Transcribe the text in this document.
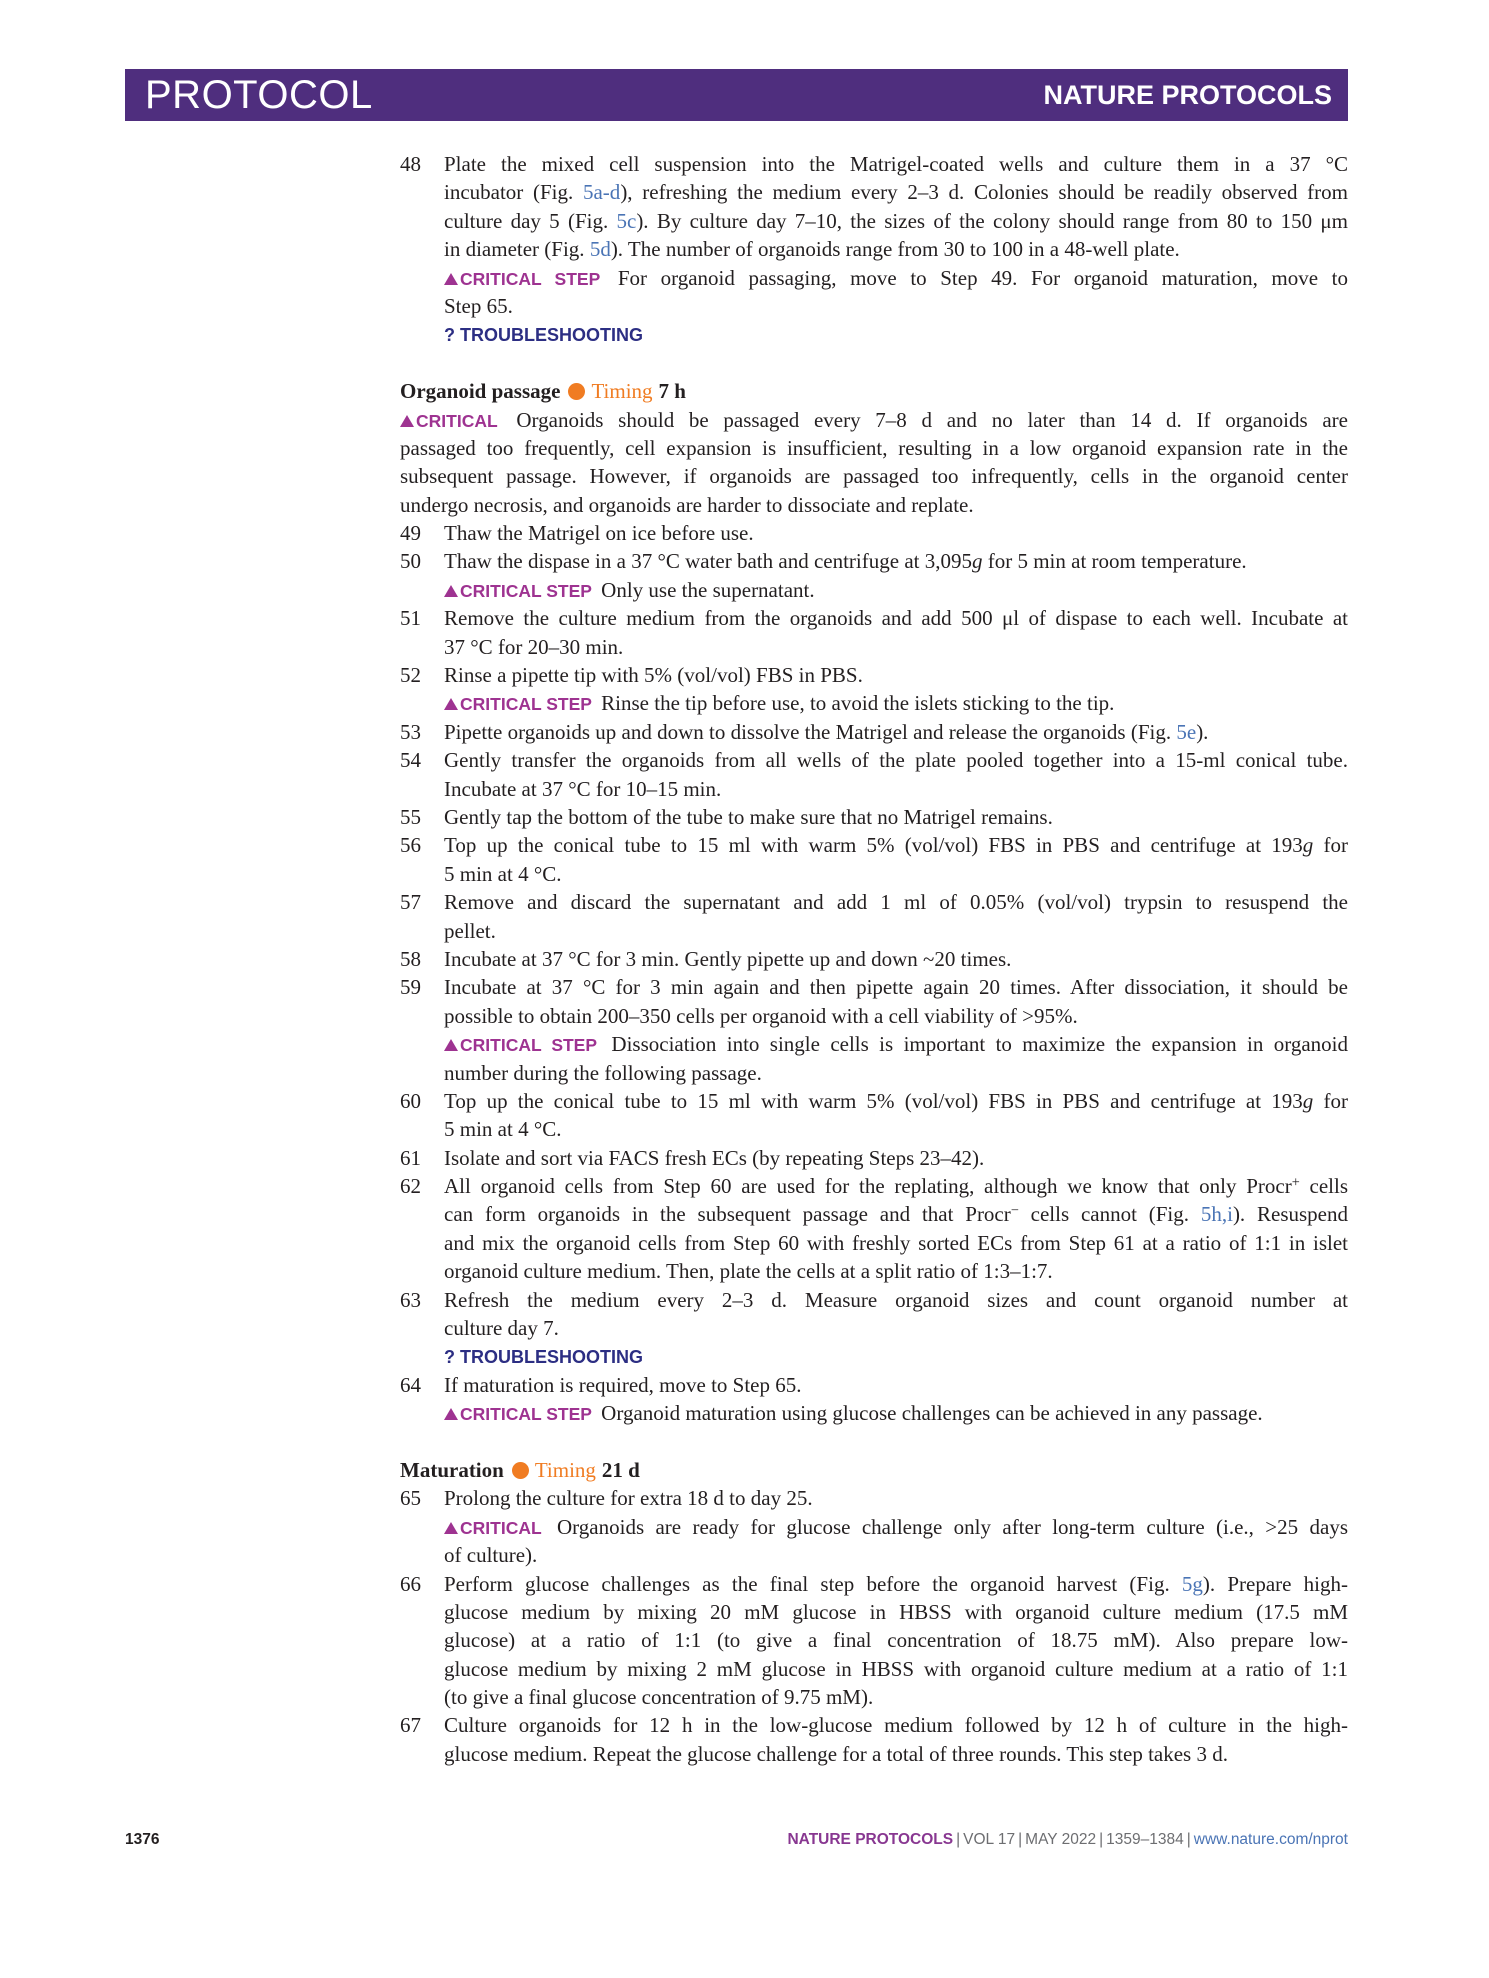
PROTOCOL	NATURE PROTOCOLS
48	Plate the mixed cell suspension into the Matrigel-coated wells and culture them in a 37 °C
incubator (Fig. 5a-d), refreshing the medium every 2–3 d. Colonies should be readily observed from
culture day 5 (Fig. 5c). By culture day 7–10, the sizes of the colony should range from 80 to 150 μm
in diameter (Fig. 5d). The number of organoids range from 30 to 100 in a 48-well plate.
CRITICAL STEP For organoid passaging, move to Step 49. For organoid maturation, move to
Step 65.
? TROUBLESHOOTING
Organoid passage Timing 7 h
CRITICAL Organoids should be passaged every 7–8 d and no later than 14 d. If organoids are
passaged too frequently, cell expansion is insufficient, resulting in a low organoid expansion rate in the
subsequent passage. However, if organoids are passaged too infrequently, cells in the organoid center
undergo necrosis, and organoids are harder to dissociate and replate.
49	Thaw the Matrigel on ice before use.
50	Thaw the dispase in a 37 °C water bath and centrifuge at 3,095g for 5 min at room temperature.
CRITICAL STEP Only use the supernatant.
51	Remove the culture medium from the organoids and add 500 μl of dispase to each well. Incubate at
37 °C for 20–30 min.
52	Rinse a pipette tip with 5% (vol/vol) FBS in PBS.
CRITICAL STEP Rinse the tip before use, to avoid the islets sticking to the tip.
53	Pipette organoids up and down to dissolve the Matrigel and release the organoids (Fig. 5e).
54	Gently transfer the organoids from all wells of the plate pooled together into a 15-ml conical tube.
Incubate at 37 °C for 10–15 min.
55	Gently tap the bottom of the tube to make sure that no Matrigel remains.
56	Top up the conical tube to 15 ml with warm 5% (vol/vol) FBS in PBS and centrifuge at 193g for
5 min at 4 °C.
57	Remove and discard the supernatant and add 1 ml of 0.05% (vol/vol) trypsin to resuspend the
pellet.
58	Incubate at 37 °C for 3 min. Gently pipette up and down ~20 times.
59	Incubate at 37 °C for 3 min again and then pipette again 20 times. After dissociation, it should be
possible to obtain 200–350 cells per organoid with a cell viability of >95%.
CRITICAL STEP Dissociation into single cells is important to maximize the expansion in organoid
number during the following passage.
60	Top up the conical tube to 15 ml with warm 5% (vol/vol) FBS in PBS and centrifuge at 193g for
5 min at 4 °C.
61	Isolate and sort via FACS fresh ECs (by repeating Steps 23–42).
62	All organoid cells from Step 60 are used for the replating, although we know that only Procr+ cells
can form organoids in the subsequent passage and that Procr− cells cannot (Fig. 5h,i). Resuspend
and mix the organoid cells from Step 60 with freshly sorted ECs from Step 61 at a ratio of 1:1 in islet
organoid culture medium. Then, plate the cells at a split ratio of 1:3–1:7.
63	Refresh the medium every 2–3 d. Measure organoid sizes and count organoid number at
culture day 7.
? TROUBLESHOOTING
64	If maturation is required, move to Step 65.
CRITICAL STEP Organoid maturation using glucose challenges can be achieved in any passage.
Maturation Timing 21 d
65	Prolong the culture for extra 18 d to day 25.
CRITICAL Organoids are ready for glucose challenge only after long-term culture (i.e., >25 days
of culture).
66	Perform glucose challenges as the final step before the organoid harvest (Fig. 5g). Prepare high-
glucose medium by mixing 20 mM glucose in HBSS with organoid culture medium (17.5 mM
glucose) at a ratio of 1:1 (to give a final concentration of 18.75 mM). Also prepare low-
glucose medium by mixing 2 mM glucose in HBSS with organoid culture medium at a ratio of 1:1
(to give a final glucose concentration of 9.75 mM).
67	Culture organoids for 12 h in the low-glucose medium followed by 12 h of culture in the high-
glucose medium. Repeat the glucose challenge for a total of three rounds. This step takes 3 d.
1376	NATURE PROTOCOLS | VOL 17 | MAY 2022 | 1359–1384 | www.nature.com/nprot
